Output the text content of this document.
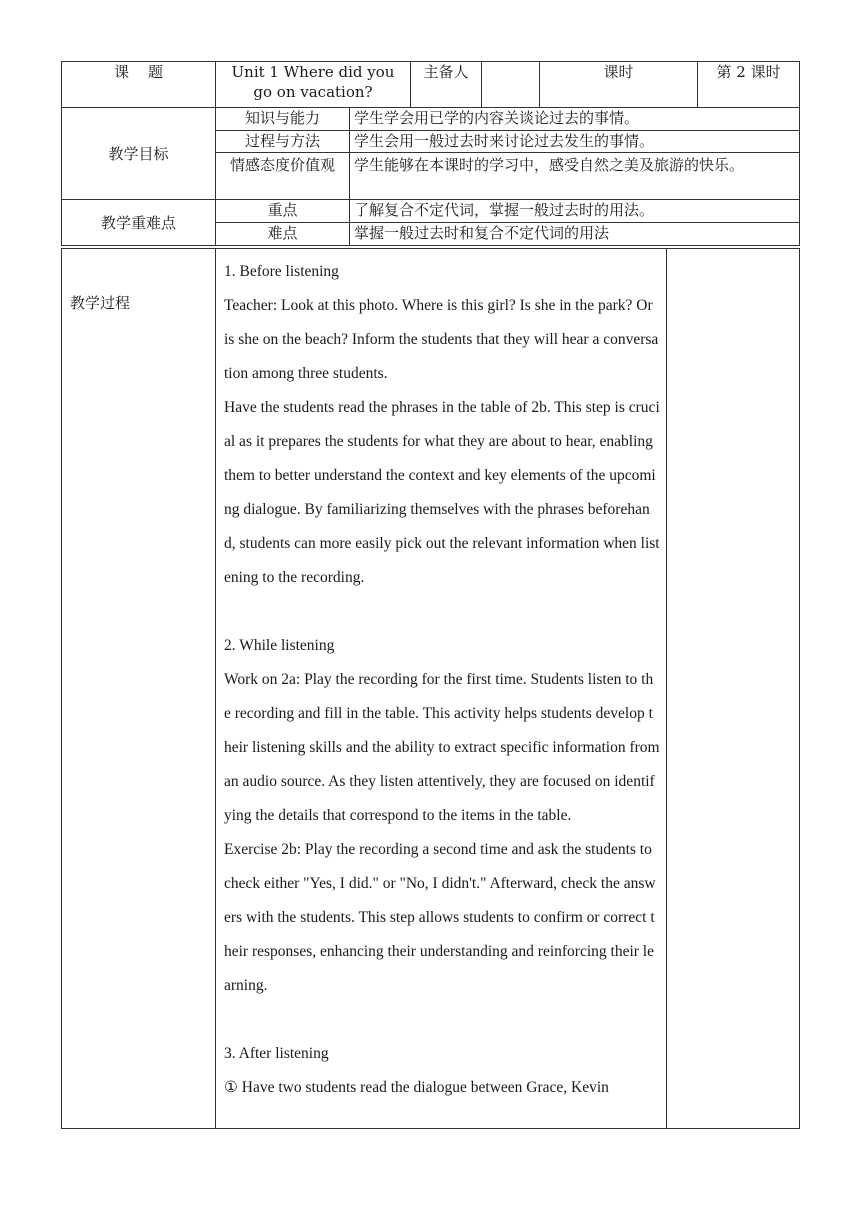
课    题	Unit 1 Where did you go on vacation?		主备人		课时	第 2 课时
教学目标	知识与能力	学生学会用已学的内容关谈论过去的事情。				
	过程与方法	学生会用一般过去时来讨论过去发生的事情。				
	情感态度价值观	学生能够在本课时的学习中，感受自然之美及旅游的快乐。				
教学重难点	重点	了解复合不定代词，掌握一般过去时的用法。				
	难点	掌握一般过去时和复合不定代词的用法				
教学过程	

1. Before listening

Teacher: Look at this photo. Where is this girl? Is she in the park? Or is she on the beach? Inform the students that they will hear a conversation among three students.

Have the students read the phrases in the table of 2b. This step is crucial as it prepares the students for what they are about to hear, enabling them to better understand the context and key elements of the upcoming dialogue. By familiarizing themselves with the phrases beforehand, students can more easily pick out the relevant information when listening to the recording.

2. While listening

Work on 2a: Play the recording for the first time. Students listen to the recording and fill in the table. This activity helps students develop their listening skills and the ability to extract specific information from an audio source. As they listen attentively, they are focused on identifying the details that correspond to the items in the table.

Exercise 2b: Play the recording a second time and ask the students to check either "Yes, I did." or "No, I didn't." Afterward, check the answers with the students. This step allows students to confirm or correct their responses, enhancing their understanding and reinforcing their learning.

3. After listening

① Have two students read the dialogue between Grace, Kevin
